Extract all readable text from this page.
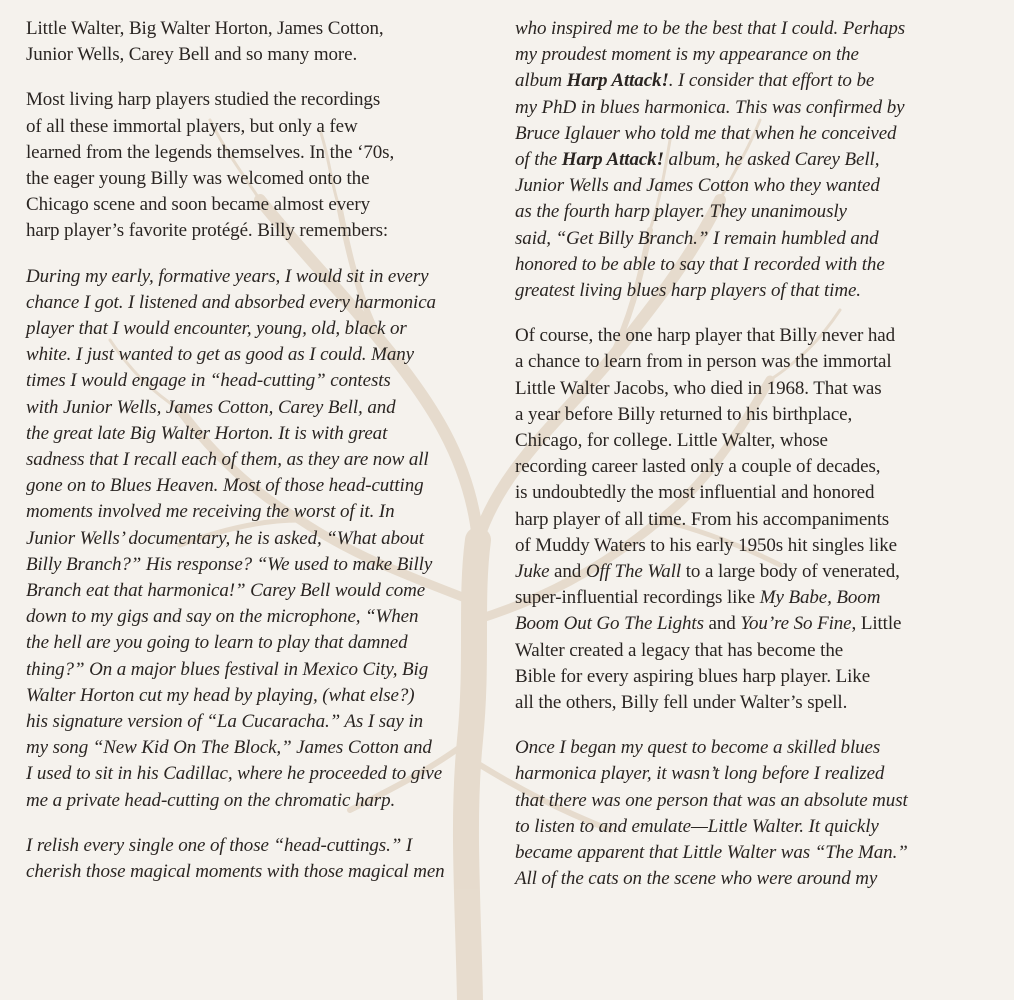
Little Walter, Big Walter Horton, James Cotton,
Junior Wells, Carey Bell and so many more.
Most living harp players studied the recordings
of all these immortal players, but only a few
learned from the legends themselves. In the ‘70s,
the eager young Billy was welcomed onto the
Chicago scene and soon became almost every
harp player’s favorite protégé. Billy remembers:
During my early, formative years, I would sit in every
chance I got. I listened and absorbed every harmonica
player that I would encounter, young, old, black or
white. I just wanted to get as good as I could. Many
times I would engage in “head-cutting” contests
with Junior Wells, James Cotton, Carey Bell, and
the great late Big Walter Horton. It is with great
sadness that I recall each of them, as they are now all
gone on to Blues Heaven. Most of those head-cutting
moments involved me receiving the worst of it. In
Junior Wells’ documentary, he is asked, “What about
Billy Branch?” His response? “We used to make Billy
Branch eat that harmonica!” Carey Bell would come
down to my gigs and say on the microphone, “When
the hell are you going to learn to play that damned
thing?” On a major blues festival in Mexico City, Big
Walter Horton cut my head by playing, (what else?)
his signature version of “La Cucaracha.” As I say in
my song “New Kid On The Block,” James Cotton and
I used to sit in his Cadillac, where he proceeded to give
me a private head-cutting on the chromatic harp.
I relish every single one of those “head-cuttings.” I
cherish those magical moments with those magical men
who inspired me to be the best that I could. Perhaps
my proudest moment is my appearance on the
album Harp Attack!. I consider that effort to be
my PhD in blues harmonica. This was confirmed by
Bruce Iglauer who told me that when he conceived
of the Harp Attack! album, he asked Carey Bell,
Junior Wells and James Cotton who they wanted
as the fourth harp player. They unanimously
said, “Get Billy Branch.” I remain humbled and
honored to be able to say that I recorded with the
greatest living blues harp players of that time.
Of course, the one harp player that Billy never had
a chance to learn from in person was the immortal
Little Walter Jacobs, who died in 1968. That was
a year before Billy returned to his birthplace,
Chicago, for college. Little Walter, whose
recording career lasted only a couple of decades,
is undoubtedly the most influential and honored
harp player of all time. From his accompaniments
of Muddy Waters to his early 1950s hit singles like
Juke and Off The Wall to a large body of venerated,
super-influential recordings like My Babe, Boom
Boom Out Go The Lights and You’re So Fine, Little
Walter created a legacy that has become the
Bible for every aspiring blues harp player. Like
all the others, Billy fell under Walter’s spell.
Once I began my quest to become a skilled blues
harmonica player, it wasn’t long before I realized
that there was one person that was an absolute must
to listen to and emulate—Little Walter. It quickly
became apparent that Little Walter was “The Man.”
All of the cats on the scene who were around my
